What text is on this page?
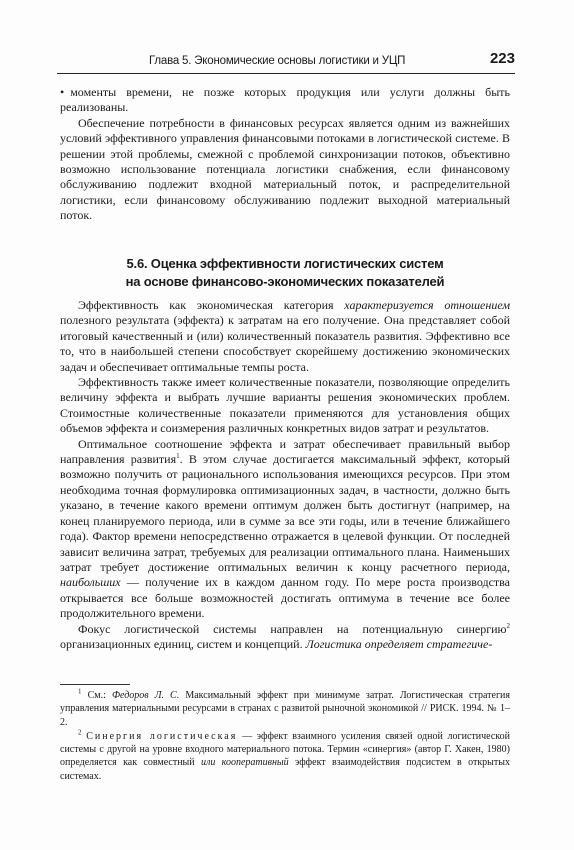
Глава 5. Экономические основы логистики и УЦП	223

• моменты времени, не позже которых продукция или услуги должны быть реализованы.

Обеспечение потребности в финансовых ресурсах является одним из важнейших условий эффективного управления финансовыми потоками в логистической системе. В решении этой проблемы, смежной с проблемой синхронизации потоков, объективно возможно использование потенциала логистики снабжения, если финансовому обслуживанию подлежит входной материальный поток, и распределительной логистики, если финансовому обслуживанию подлежит выходной материальный поток.

5.6. Оценка эффективности логистических систем
на основе финансово-экономических показателей

Эффективность как экономическая категория характеризуется отношением полезного результата (эффекта) к затратам на его получение. Она представляет собой итоговый качественный и (или) количественный показатель развития. Эффективно все то, что в наибольшей степени способствует скорейшему достижению экономических задач и обеспечивает оптимальные темпы роста.

Эффективность также имеет количественные показатели, позволяющие определить величину эффекта и выбрать лучшие варианты решения экономических проблем. Стоимостные количественные показатели применяются для установления общих объемов эффекта и соизмерения различных конкретных видов затрат и результатов.

Оптимальное соотношение эффекта и затрат обеспечивает правильный выбор направления развития$^1$. В этом случае достигается максимальный эффект, который возможно получить от рационального использования имеющихся ресурсов. При этом необходима точная формулировка оптимизационных задач, в частности, должно быть указано, в течение какого времени оптимум должен быть достигнут (например, на конец планируемого периода, или в сумме за все эти годы, или в течение ближайшего года). Фактор времени непосредственно отражается в целевой функции. От последней зависит величина затрат, требуемых для реализации оптимального плана. Наименьших затрат требует достижение оптимальных величин к концу расчетного периода, наибольших — получение их в каждом данном году. По мере роста производства открывается все больше возможностей достигать оптимума в течение все более продолжительного времени.

Фокус логистической системы направлен на потенциальную синергию$^2$ организационных единиц, систем и концепций. Логистика определяет стратегиче-

$^1$ См.: Федоров Л. С. Максимальный эффект при минимуме затрат. Логистическая стратегия управления материальными ресурсами в странах с развитой рыночной экономикой // РИСК. 1994. № 1–2.

$^2$ Синергия логистическая — эффект взаимного усиления связей одной логистической системы с другой на уровне входного материального потока. Термин «синергия» (автор Г. Хакен, 1980) определяется как совместный или кооперативный эффект взаимодействия подсистем в открытых системах.
